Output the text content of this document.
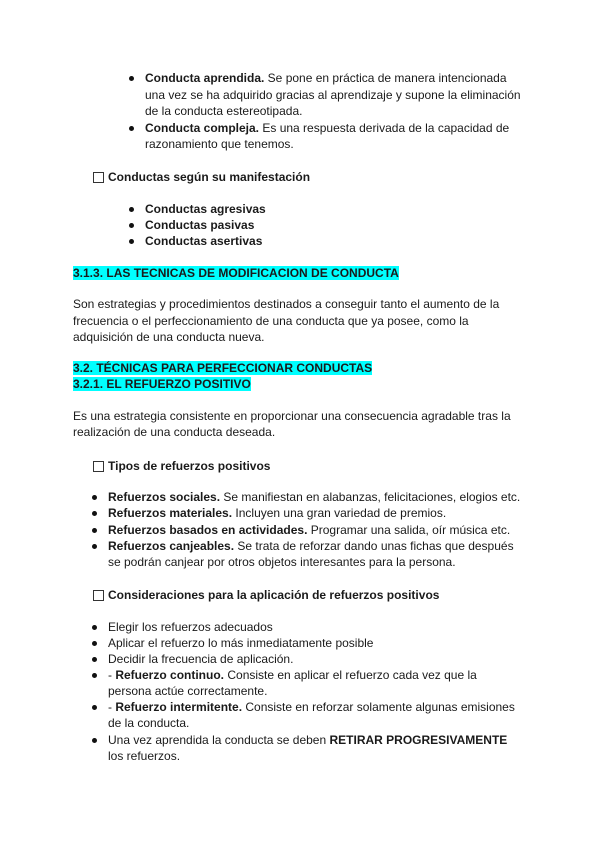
Conducta aprendida. Se pone en práctica de manera intencionada
una vez se ha adquirido gracias al aprendizaje y supone la eliminación
de la conducta estereotipada.
Conducta compleja. Es una respuesta derivada de la capacidad de
razonamiento que tenemos.
Conductas según su manifestación
Conductas agresivas
Conductas pasivas
Conductas asertivas
3.1.3. LAS TECNICAS DE MODIFICACION DE CONDUCTA
Son estrategias y procedimientos destinados a conseguir tanto el aumento de la
frecuencia o el perfeccionamiento de una conducta que ya posee, como la
adquisición de una conducta nueva.
3.2. TÉCNICAS PARA PERFECCIONAR CONDUCTAS
3.2.1. EL REFUERZO POSITIVO
Es una estrategia consistente en proporcionar una consecuencia agradable tras la
realización de una conducta deseada.
Tipos de refuerzos positivos
Refuerzos sociales. Se manifiestan en alabanzas, felicitaciones, elogios etc.
Refuerzos materiales. Incluyen una gran variedad de premios.
Refuerzos basados en actividades. Programar una salida, oír música etc.
Refuerzos canjeables. Se trata de reforzar dando unas fichas que después
se podrán canjear por otros objetos interesantes para la persona.
Consideraciones para la aplicación de refuerzos positivos
Elegir los refuerzos adecuados
Aplicar el refuerzo lo más inmediatamente posible
Decidir la frecuencia de aplicación.
- Refuerzo continuo. Consiste en aplicar el refuerzo cada vez que la
persona actúe correctamente.
- Refuerzo intermitente. Consiste en reforzar solamente algunas emisiones
de la conducta.
Una vez aprendida la conducta se deben RETIRAR PROGRESIVAMENTE
los refuerzos.
